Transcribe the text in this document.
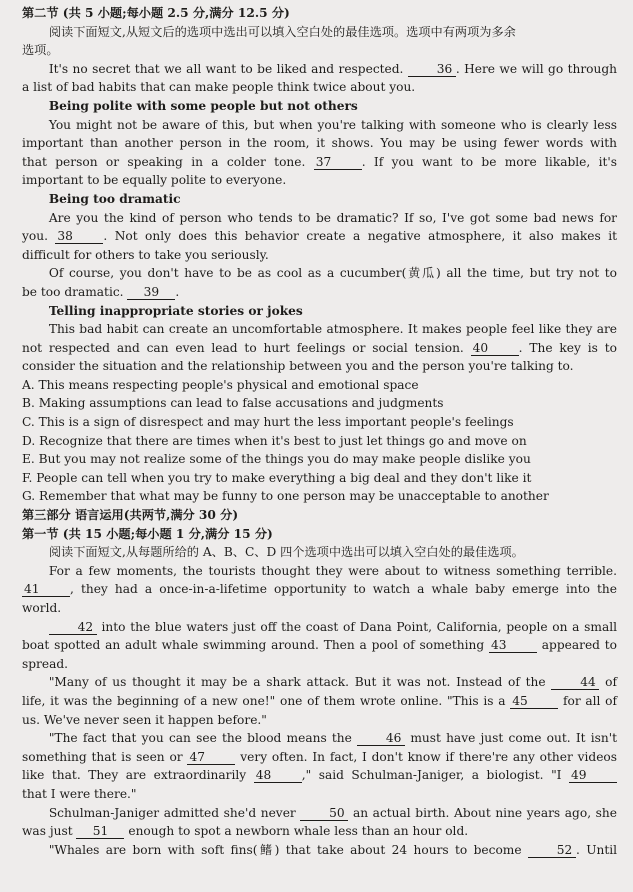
第二节 (共 5 小题;每小题 2.5 分,满分 12.5 分)
阅读下面短文,从短文后的选项中选出可以填入空白处的最佳选项。选项中有两项为多余
选项。
It's no secret that we all want to be liked and respected.	36 . Here we will go through
a list of bad habits that can make people think twice about you.
Being polite with some people but not others
You might not be aware of this, but when you're talking with someone who is clearly less
important than another person in the room, it shows. You may be using fewer words with
that person or speaking in a colder tone. 37 . If you want to be more likable, it's
important to be equally polite to everyone.
Being too dramatic
Are you the kind of person who tends to be dramatic? If so, I've got some bad news for
you. 38 . Not only does this behavior create a negative atmosphere, it also makes it
difficult for others to take you seriously.
Of course, you don't have to be as cool as a cucumber(黄瓜) all the time, but try not to
be too dramatic. 39 .
Telling inappropriate stories or jokes
This bad habit can create an uncomfortable atmosphere. It makes people feel like they are
not respected and can even lead to hurt feelings or social tension. 40 . The key is to
consider the situation and the relationship between you and the person you're talking to.
A. This means respecting people's physical and emotional space
B. Making assumptions can lead to false accusations and judgments
C. This is a sign of disrespect and may hurt the less important people's feelings
D. Recognize that there are times when it's best to just let things go and move on
E. But you may not realize some of the things you do may make people dislike you
F. People can tell when you try to make everything a big deal and they don't like it
G. Remember that what may be funny to one person may be unacceptable to another
第三部分 语言运用(共两节,满分 30 分)
第一节 (共 15 小题;每小题 1 分,满分 15 分)
阅读下面短文,从每题所给的 A、B、C、D 四个选项中选出可以填入空白处的最佳选项。
For a few moments, the tourists thought they were about to witness something terrible.
41 , they had a once-in-a-lifetime opportunity to watch a whale baby emerge into the
world.
42 into the blue waters just off the coast of Dana Point, California, people on a small
boat spotted an adult whale swimming around. Then a pool of something 43	appeared to
spread.
"Many of us thought it may be a shark attack. But it was not. Instead of the	44 of
life, it was the beginning of a new one!" one of them wrote online. "This is a 45	for all of
us. We've never seen it happen before."
"The fact that you can see the blood means the	46 must have just come out. It isn't
something that is seen or 47	very often. In fact, I don't know if there're any other videos
like that. They are extraordinarily 48 ," said Schulman-Janiger, a biologist. "I 49
that I were there."
Schulman-Janiger admitted she'd never	50 an actual birth. About nine years ago, she
was just 51 enough to spot a newborn whale less than an hour old.
"Whales are born with soft fins(鳍) that take about 24 hours to become	52 . Until
